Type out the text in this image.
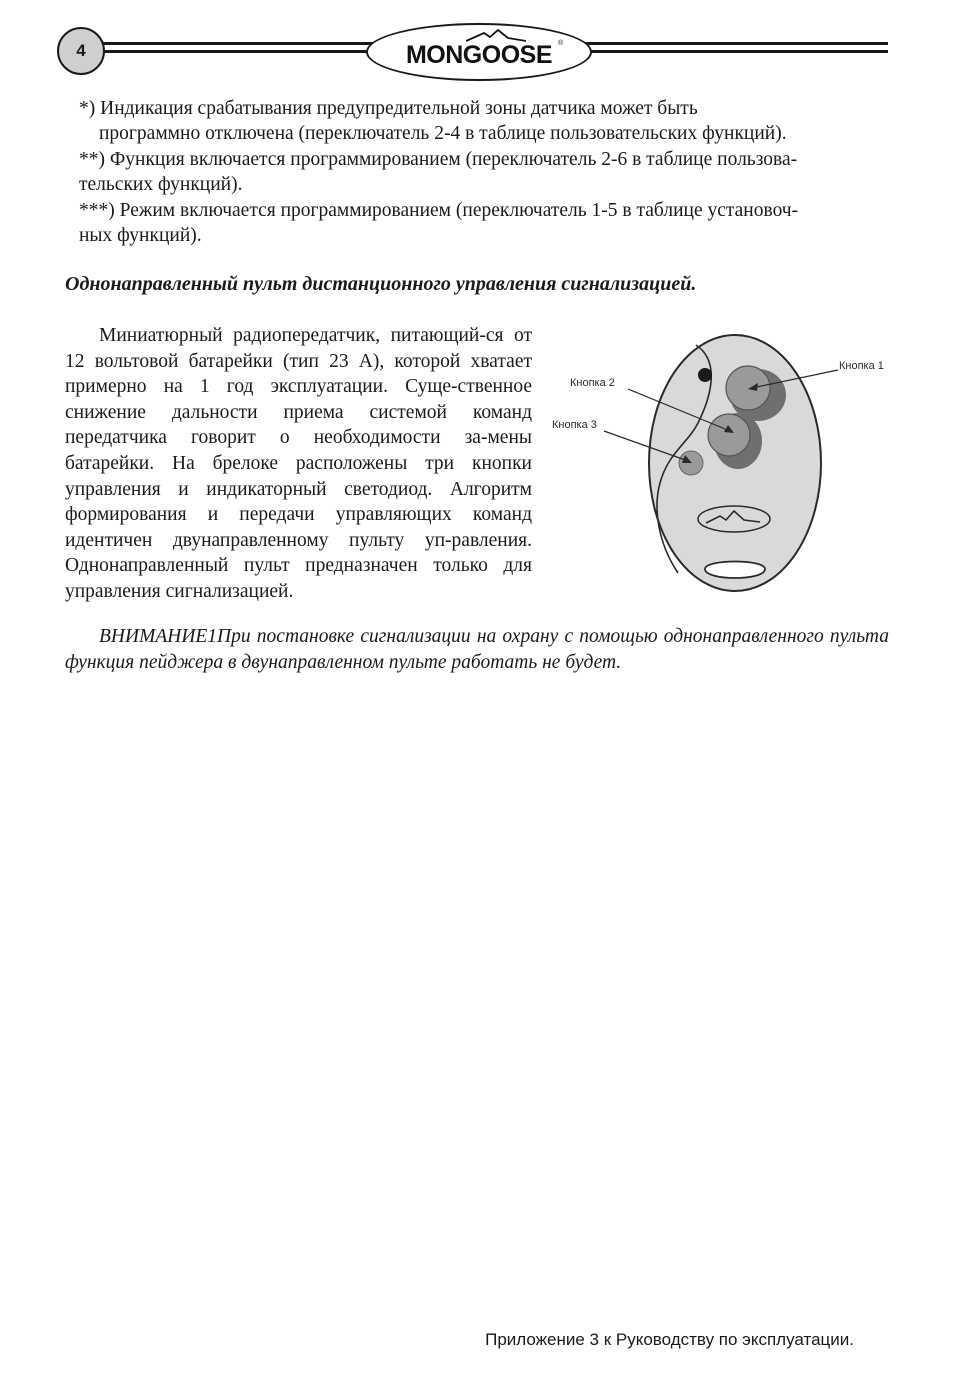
4	MONGOOSE ®
*) Индикация срабатывания предупредительной зоны датчика может быть
программно отключена (переключатель 2-4 в таблице пользовательских функций).
**) Функция включается программированием (переключатель 2-6 в таблице пользова-
тельских функций).
***) Режим включается программированием (переключатель 1-5 в таблице установоч-
ных функций).
Однонаправленный пульт дистанционного управления сигнализацией.

Миниатюрный радиопередатчик, питающий-ся от 12 вольтовой батарейки (тип 23 А), которой хватает примерно на 1 год эксплуатации. Суще-ственное снижение дальности приема системой команд передатчика говорит о необходимости за-мены батарейки. На брелоке расположены три кнопки управления и индикаторный светодиод. Алгоритм формирования и передачи управляющих команд идентичен двунаправленному пульту уп-равления. Однонаправленный пульт предназначен только для управления сигнализацией.

Кнопка 1
Кнопка 2
Кнопка 3
ВНИМАНИЕ1При постановке сигнализации на охрану с помощью однонаправленного пульта функция пейджера в двунаправленном пульте работать не будет.
Приложение 3 к Руководству по эксплуатации.
